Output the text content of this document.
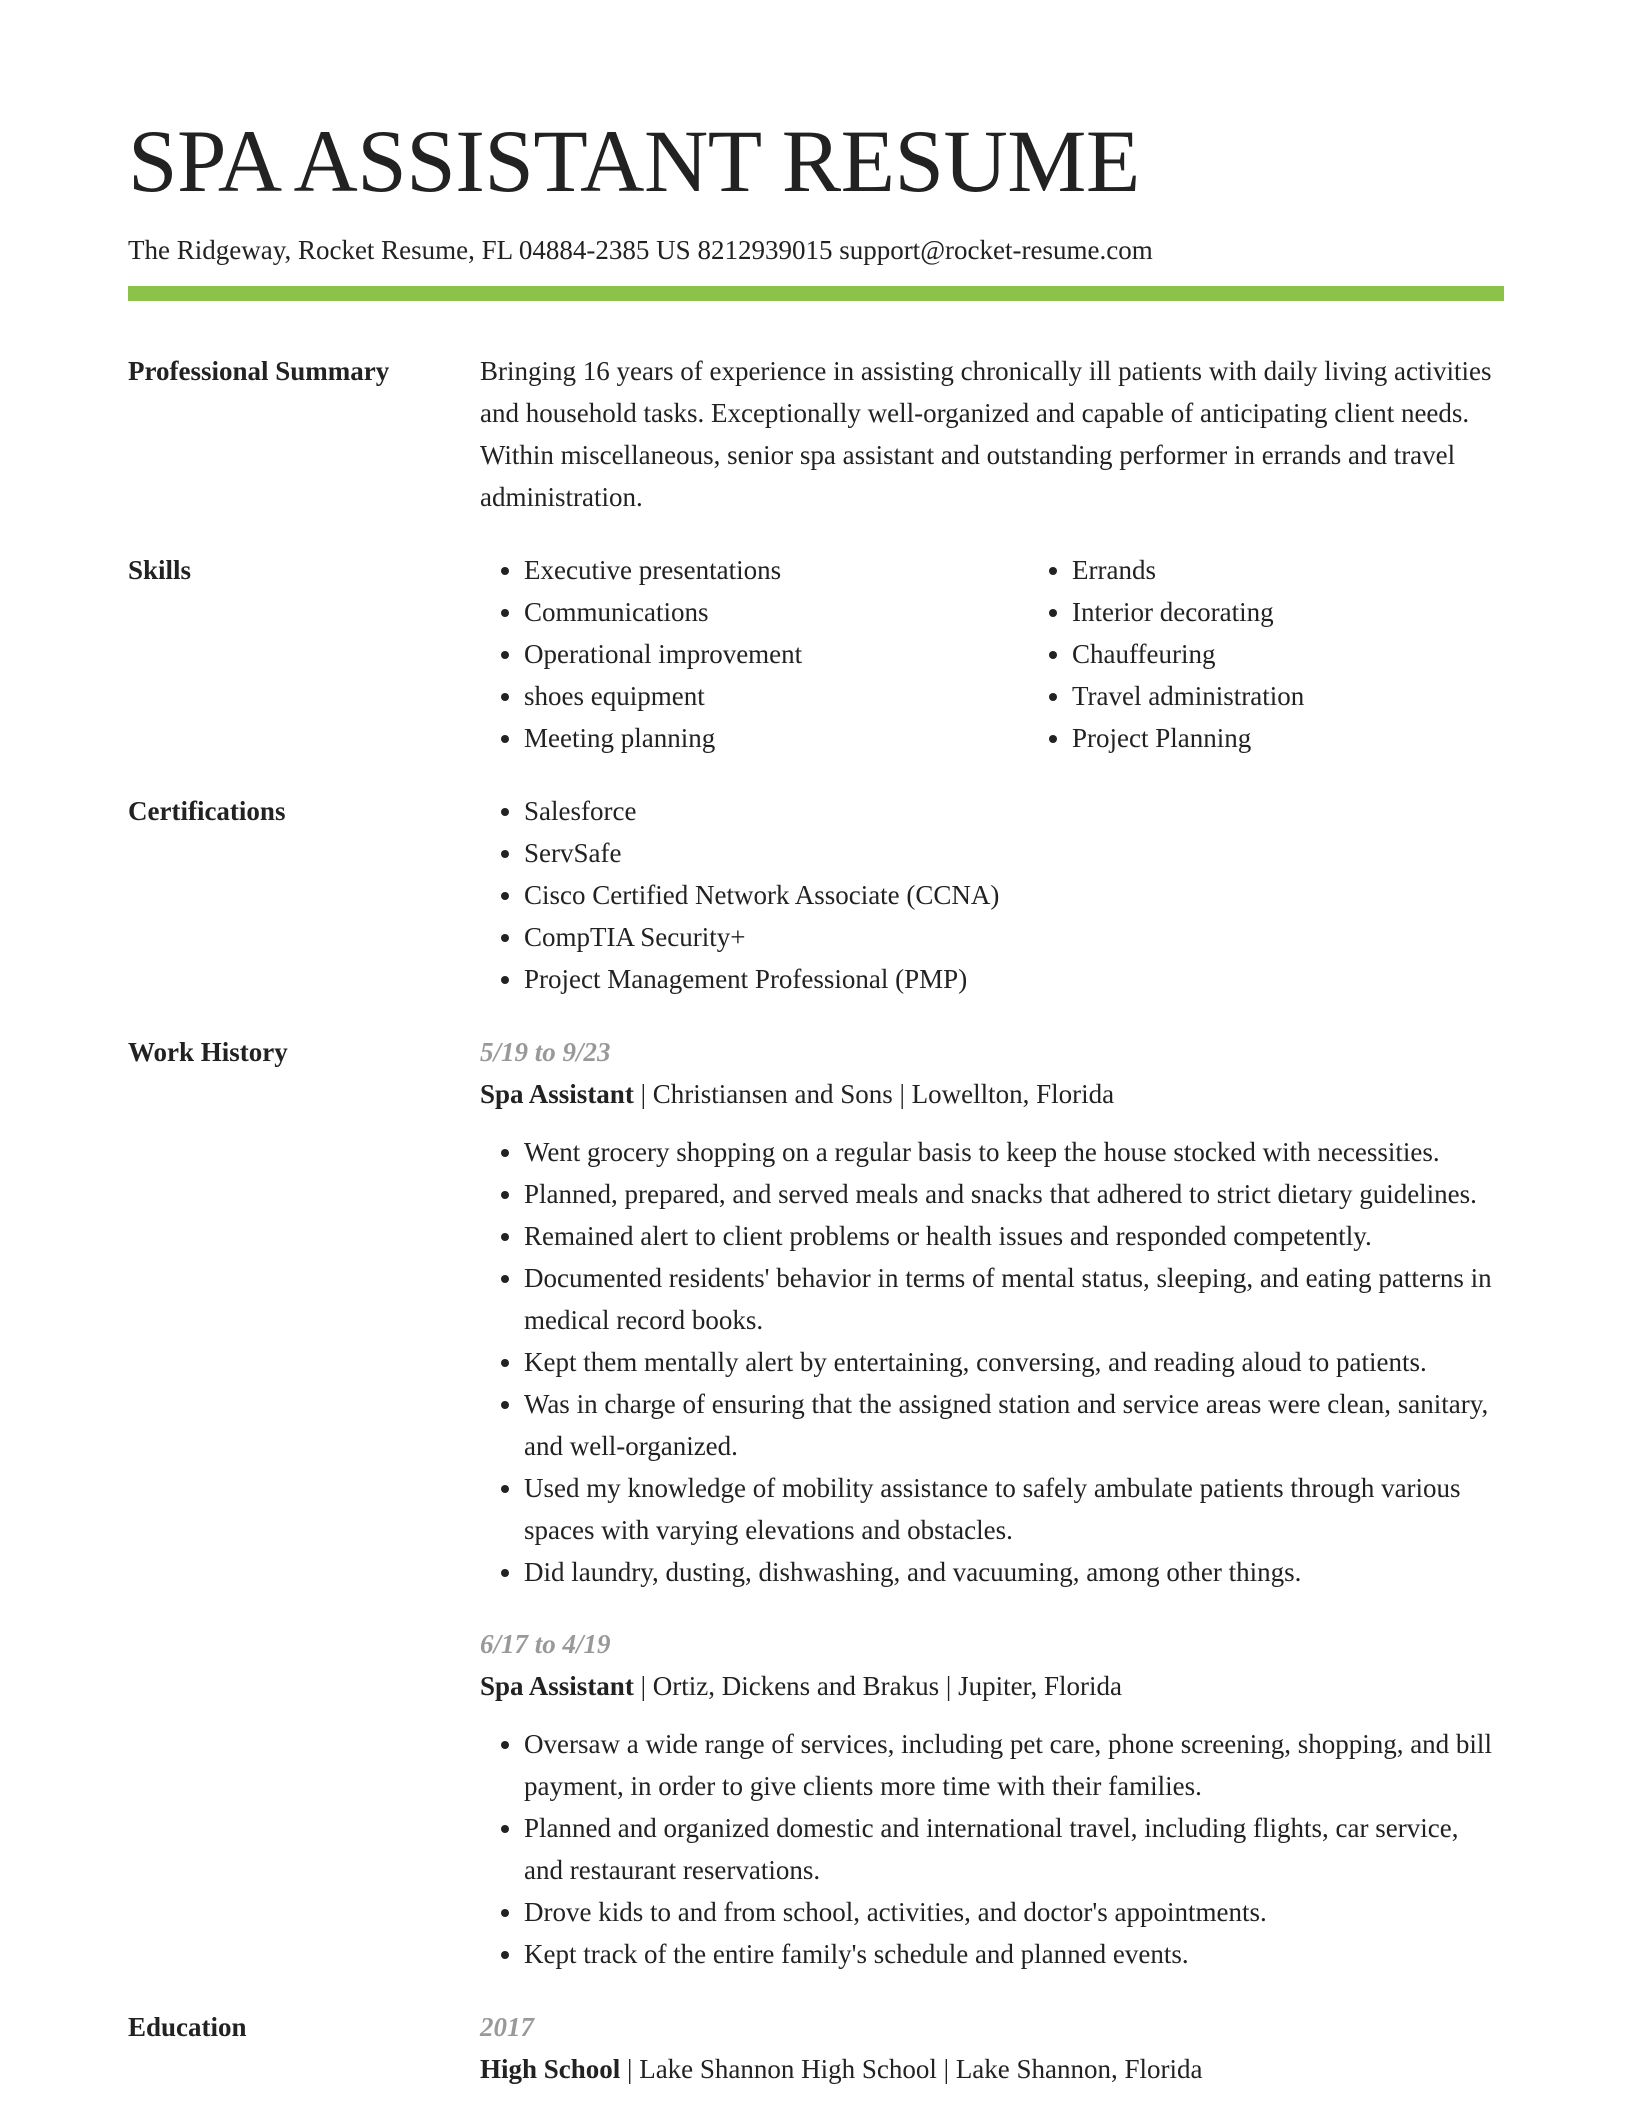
SPA ASSISTANT RESUME
The Ridgeway, Rocket Resume, FL 04884-2385 US 8212939015 support@rocket-resume.com
Professional Summary	Bringing 16 years of experience in assisting chronically ill patients with daily living activities and household tasks. Exceptionally well-organized and capable of anticipating client needs. Within miscellaneous, senior spa assistant and outstanding performer in errands and travel administration.

Skills	• Executive presentations
• Communications
• Operational improvement
• shoes equipment
• Meeting planning
• Errands
• Interior decorating
• Chauffeuring
• Travel administration
• Project Planning
Certifications	• Salesforce
• ServSafe
• Cisco Certified Network Associate (CCNA)
• CompTIA Security+
• Project Management Professional (PMP)
Work History	5/19 to 9/23
Spa Assistant | Christiansen and Sons | Lowellton, Florida
• Went grocery shopping on a regular basis to keep the house stocked with necessities.
• Planned, prepared, and served meals and snacks that adhered to strict dietary guidelines.
• Remained alert to client problems or health issues and responded competently.
• Documented residents' behavior in terms of mental status, sleeping, and eating patterns in medical record books.
• Kept them mentally alert by entertaining, conversing, and reading aloud to patients.
• Was in charge of ensuring that the assigned station and service areas were clean, sanitary, and well-organized.
• Used my knowledge of mobility assistance to safely ambulate patients through various spaces with varying elevations and obstacles.
• Did laundry, dusting, dishwashing, and vacuuming, among other things.
6/17 to 4/19
Spa Assistant | Ortiz, Dickens and Brakus | Jupiter, Florida
• Oversaw a wide range of services, including pet care, phone screening, shopping, and bill payment, in order to give clients more time with their families.
• Planned and organized domestic and international travel, including flights, car service, and restaurant reservations.
• Drove kids to and from school, activities, and doctor's appointments.
• Kept track of the entire family's schedule and planned events.
Education	2017
High School | Lake Shannon High School | Lake Shannon, Florida
